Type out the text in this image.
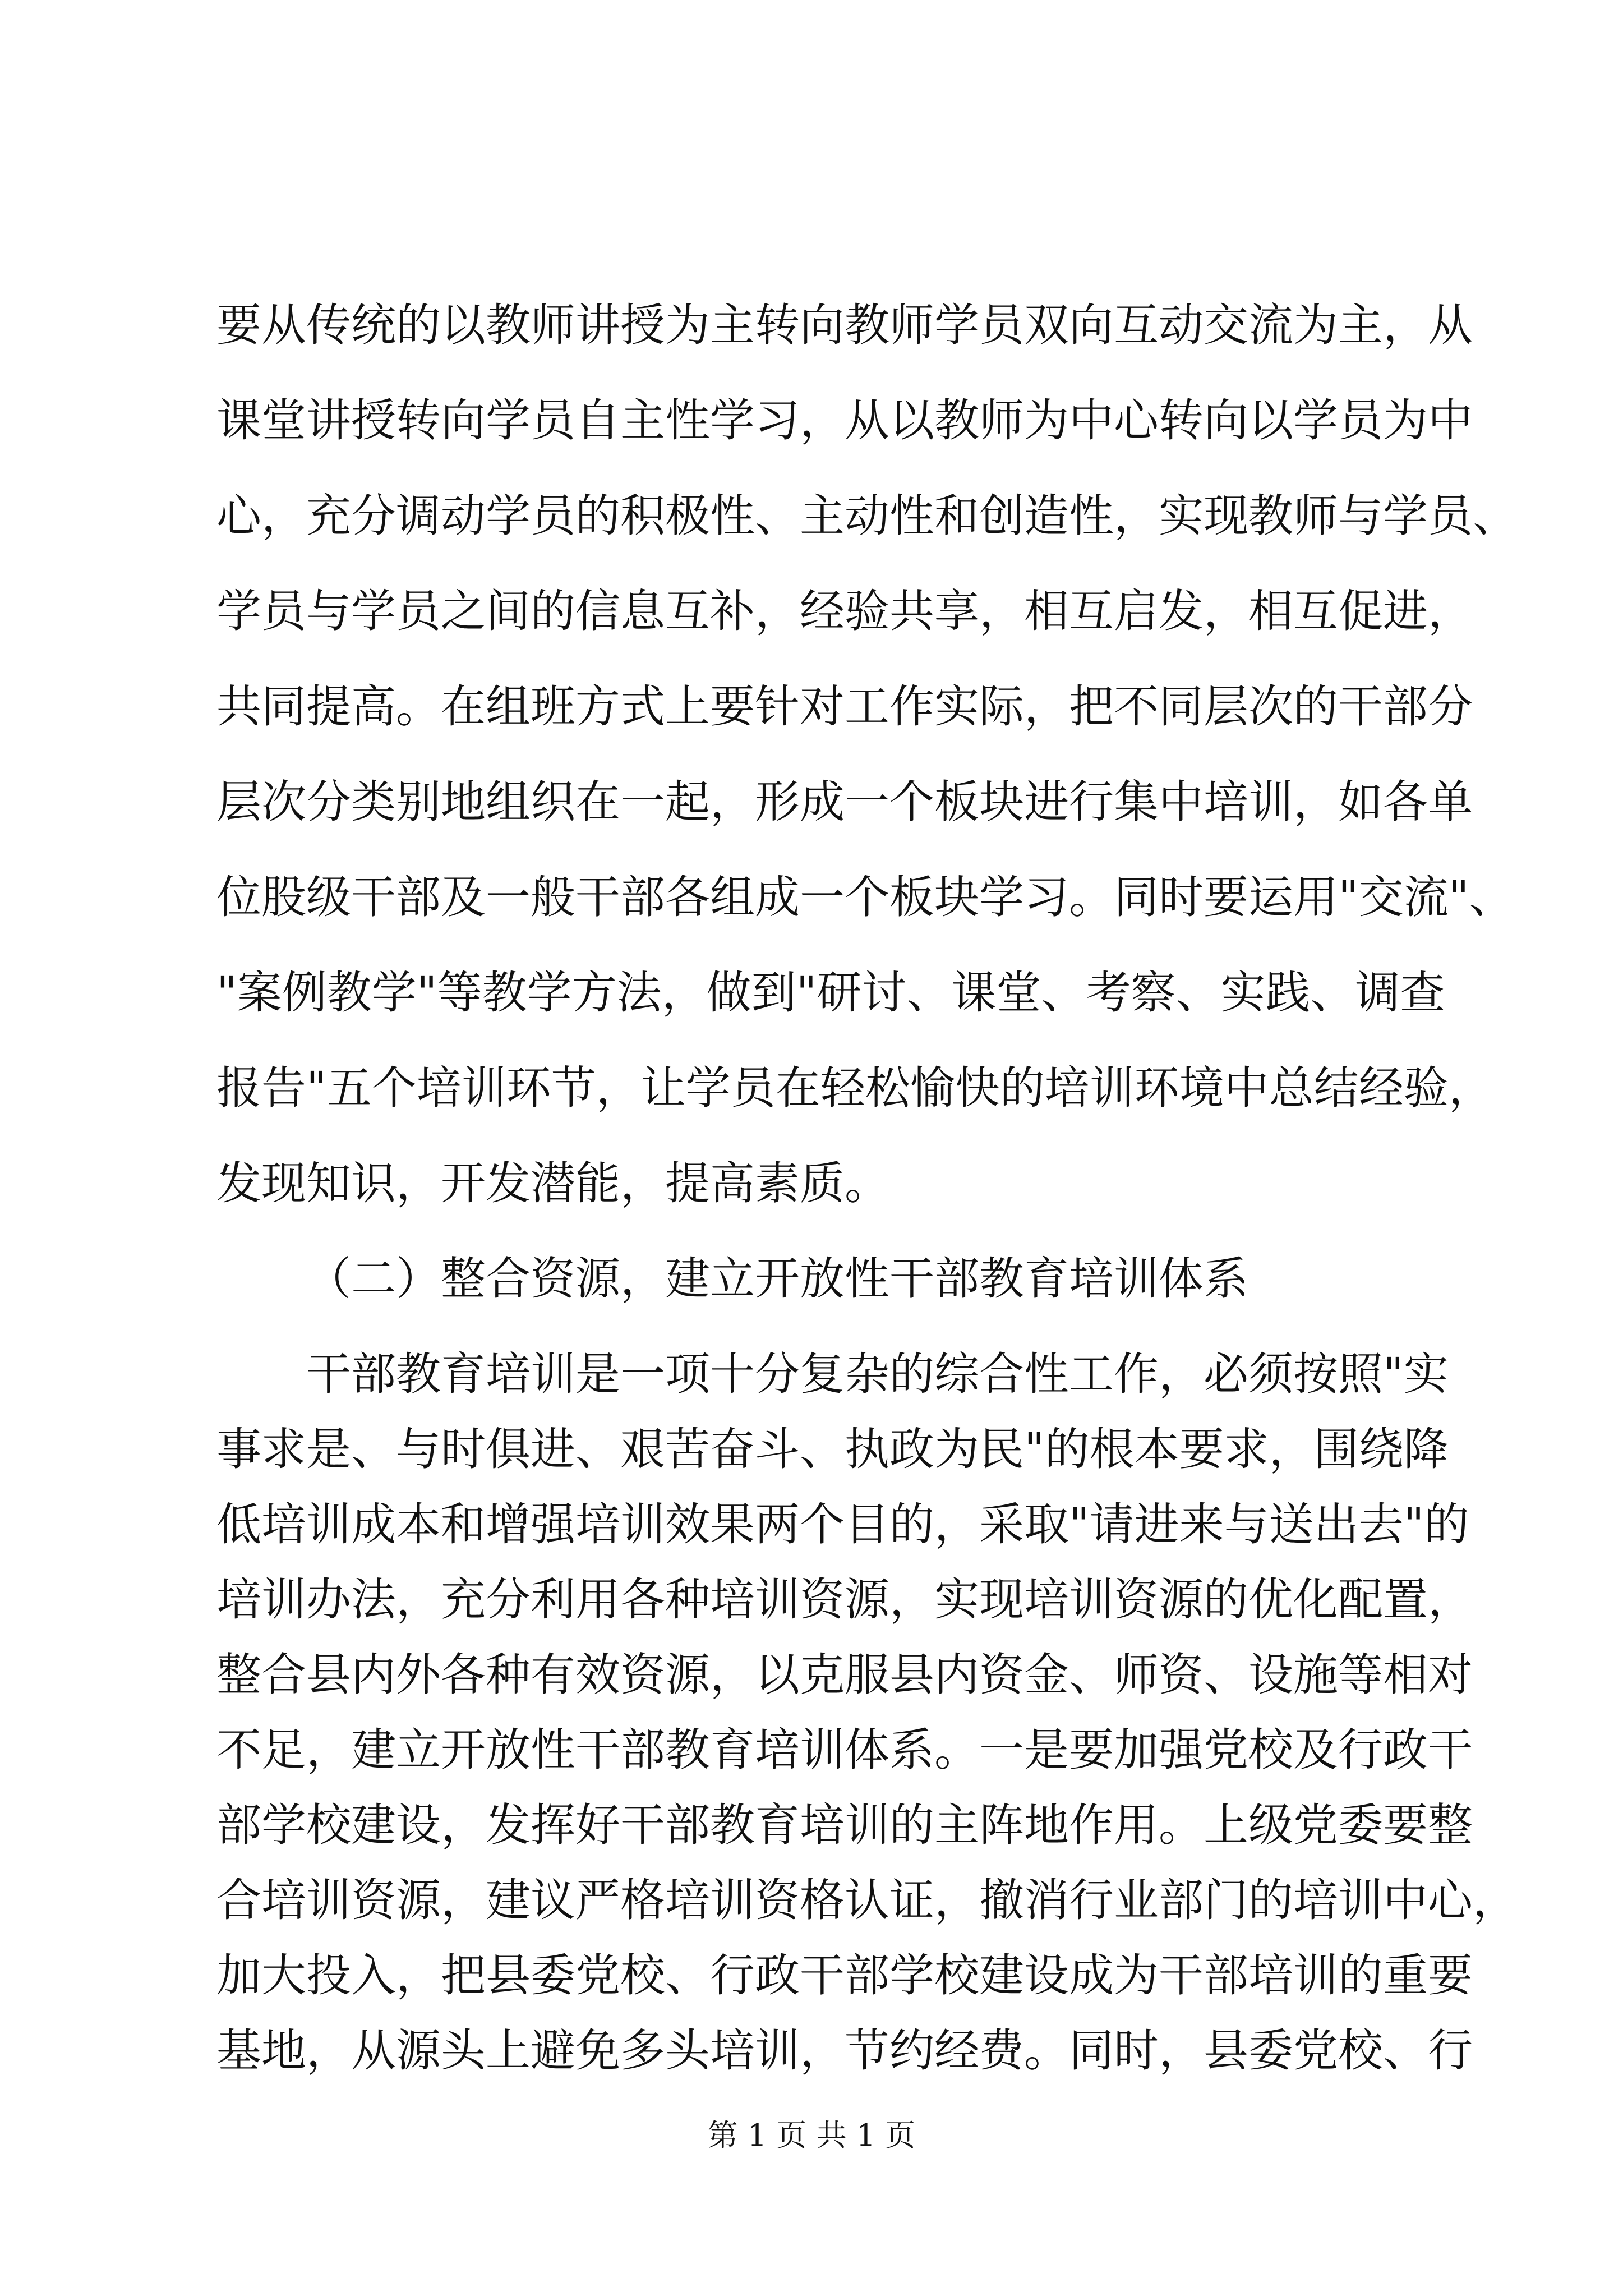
要从传统的以教师讲授为主转向教师学员双向互动交流为主，从
课堂讲授转向学员自主性学习，从以教师为中心转向以学员为中
心，充分调动学员的积极性、主动性和创造性，实现教师与学员、
学员与学员之间的信息互补，经验共享，相互启发，相互促进，
共同提高。在组班方式上要针对工作实际，把不同层次的干部分
层次分类别地组织在一起，形成一个板块进行集中培训，如各单
位股级干部及一般干部各组成一个板块学习。同时要运用"交流"、
"案例教学"等教学方法，做到"研讨、课堂、考察、实践、调查
报告"五个培训环节，让学员在轻松愉快的培训环境中总结经验，
发现知识，开发潜能，提高素质。
（二）整合资源，建立开放性干部教育培训体系
干部教育培训是一项十分复杂的综合性工作，必须按照"实
事求是、与时俱进、艰苦奋斗、执政为民"的根本要求，围绕降
低培训成本和增强培训效果两个目的，采取"请进来与送出去"的
培训办法，充分利用各种培训资源，实现培训资源的优化配置，
整合县内外各种有效资源，以克服县内资金、师资、设施等相对
不足，建立开放性干部教育培训体系。一是要加强党校及行政干
部学校建设，发挥好干部教育培训的主阵地作用。上级党委要整
合培训资源，建议严格培训资格认证，撤消行业部门的培训中心，
加大投入，把县委党校、行政干部学校建设成为干部培训的重要
基地，从源头上避免多头培训，节约经费。同时，县委党校、行
第 1 页 共 1 页
